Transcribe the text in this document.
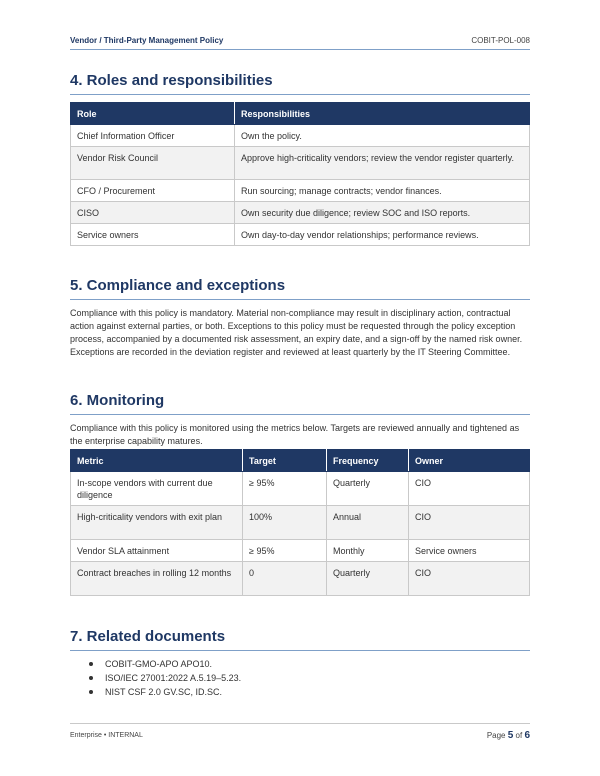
Vendor / Third-Party Management Policy	COBIT-POL-008
4. Roles and responsibilities
Role	Responsibilities
Chief Information Officer	Own the policy.
Vendor Risk Council	Approve high-criticality vendors; review the vendor register quarterly.
CFO / Procurement	Run sourcing; manage contracts; vendor finances.
CISO	Own security due diligence; review SOC and ISO reports.
Service owners	Own day-to-day vendor relationships; performance reviews.
5. Compliance and exceptions

Compliance with this policy is mandatory. Material non-compliance may result in disciplinary action, contractual action against external parties, or both. Exceptions to this policy must be requested through the policy exception process, accompanied by a documented risk assessment, an expiry date, and a sign-off by the named risk owner. Exceptions are recorded in the deviation register and reviewed at least quarterly by the IT Steering Committee.

6. Monitoring

Compliance with this policy is monitored using the metrics below. Targets are reviewed annually and tightened as the enterprise capability matures.

Metric	Target	Frequency	Owner
In-scope vendors with current due diligence	≥ 95%	Quarterly	CIO
High-criticality vendors with exit plan	100%	Annual	CIO
Vendor SLA attainment	≥ 95%	Monthly	Service owners
Contract breaches in rolling 12 months	0	Quarterly	CIO
7. Related documents
COBIT-GMO-APO APO10.
ISO/IEC 27001:2022 A.5.19–5.23.
NIST CSF 2.0 GV.SC, ID.SC.
Enterprise • INTERNAL	Page 5 of 6
